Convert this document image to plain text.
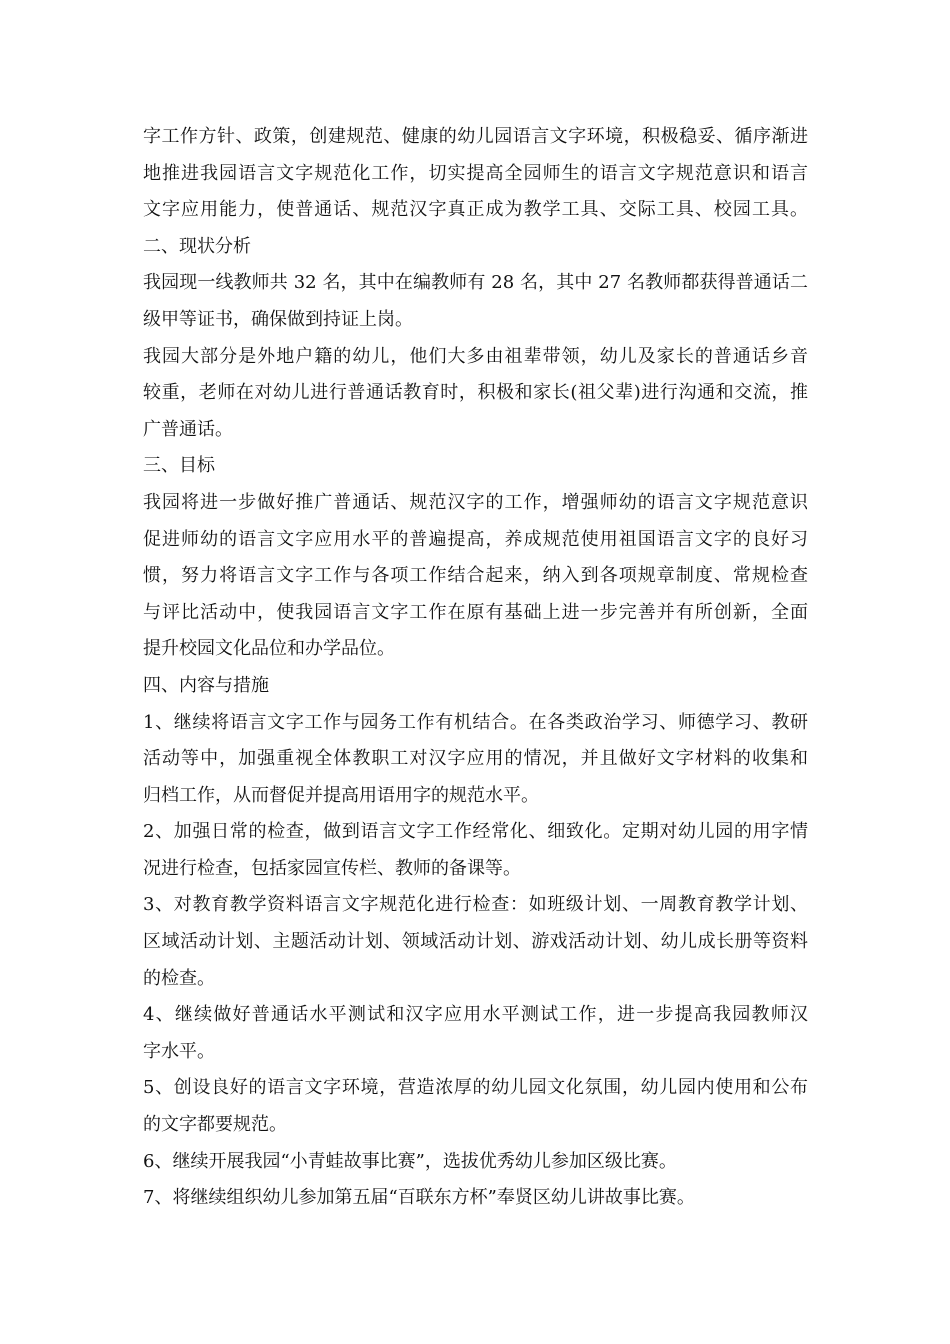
字工作方针、政策，创建规范、健康的幼儿园语言文字环境，积极稳妥、循序渐进
地推进我园语言文字规范化工作，切实提高全园师生的语言文字规范意识和语言
文字应用能力，使普通话、规范汉字真正成为教学工具、交际工具、校园工具。
二、现状分析
我园现一线教师共 32 名，其中在编教师有 28 名，其中 27 名教师都获得普通话二
级甲等证书，确保做到持证上岗。
我园大部分是外地户籍的幼儿，他们大多由祖辈带领，幼儿及家长的普通话乡音
较重，老师在对幼儿进行普通话教育时，积极和家长(祖父辈)进行沟通和交流，推
广普通话。
三、目标
我园将进一步做好推广普通话、规范汉字的工作，增强师幼的语言文字规范意识
促进师幼的语言文字应用水平的普遍提高，养成规范使用祖国语言文字的良好习
惯，努力将语言文字工作与各项工作结合起来，纳入到各项规章制度、常规检查
与评比活动中，使我园语言文字工作在原有基础上进一步完善并有所创新，全面
提升校园文化品位和办学品位。
四、内容与措施
1、继续将语言文字工作与园务工作有机结合。在各类政治学习、师德学习、教研
活动等中，加强重视全体教职工对汉字应用的情况，并且做好文字材料的收集和
归档工作，从而督促并提高用语用字的规范水平。
2、加强日常的检查，做到语言文字工作经常化、细致化。定期对幼儿园的用字情
况进行检查，包括家园宣传栏、教师的备课等。
3、对教育教学资料语言文字规范化进行检查：如班级计划、一周教育教学计划、
区域活动计划、主题活动计划、领域活动计划、游戏活动计划、幼儿成长册等资料
的检查。
4、继续做好普通话水平测试和汉字应用水平测试工作，进一步提高我园教师汉
字水平。
5、创设良好的语言文字环境，营造浓厚的幼儿园文化氛围，幼儿园内使用和公布
的文字都要规范。
6、继续开展我园“小青蛙故事比赛”，选拔优秀幼儿参加区级比赛。
7、将继续组织幼儿参加第五届“百联东方杯”奉贤区幼儿讲故事比赛。
